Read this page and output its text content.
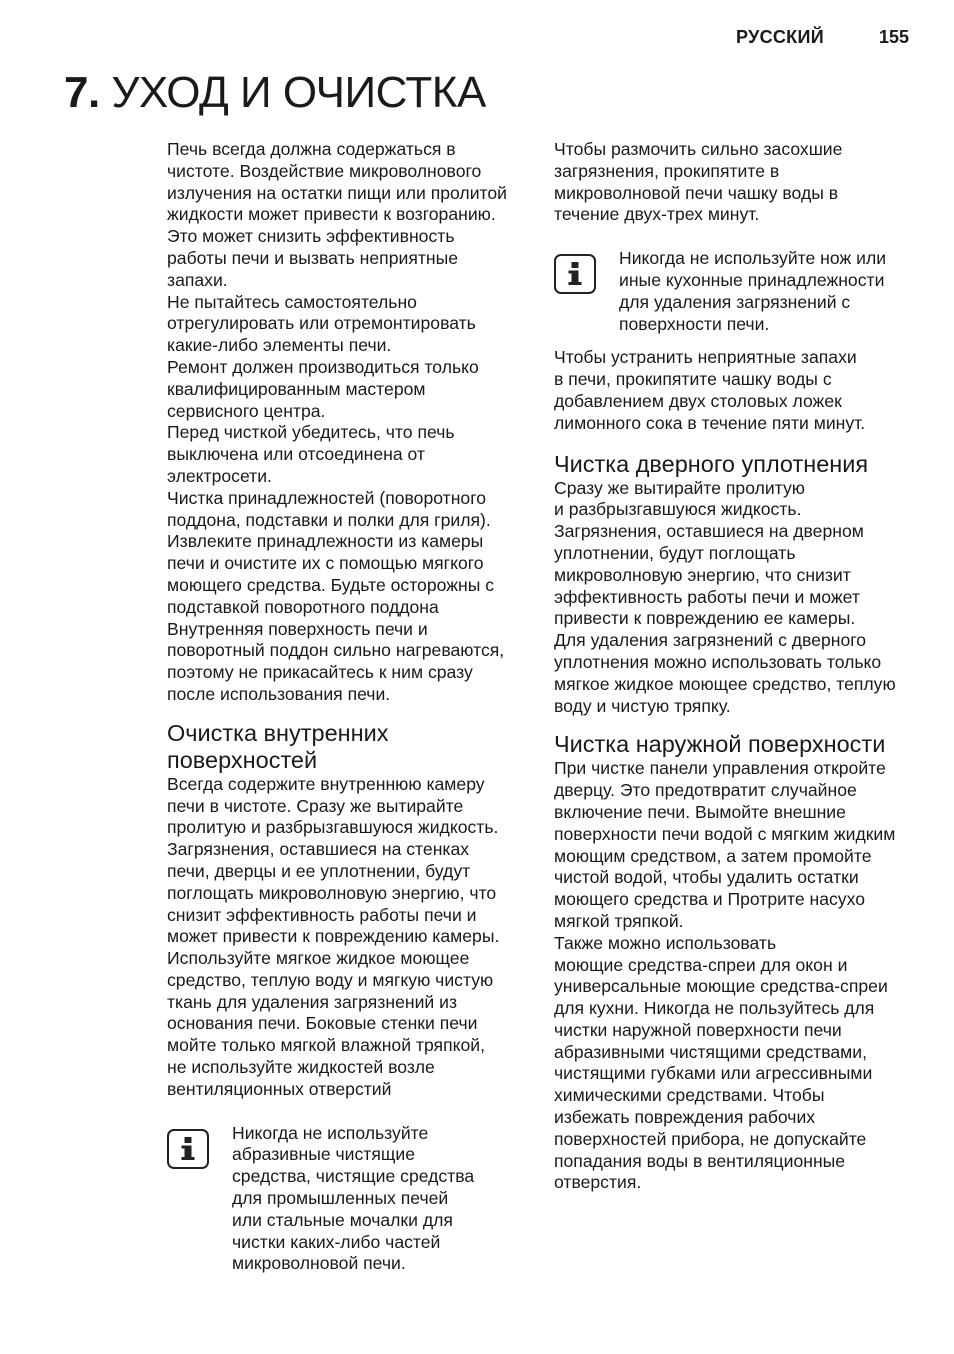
РУССКИЙ	155
7. УХОД И ОЧИСТКА
Печь всегда должна содержаться в
чистоте. Воздействие микроволнового
излучения на остатки пищи или пролитой
жидкости может привести к возгоранию.
Это может снизить эффективность
работы печи и вызвать неприятные
запахи.
Не пытайтесь самостоятельно
отрегулировать или отремонтировать
какие-либо элементы печи.
Ремонт должен производиться только
квалифицированным мастером
сервисного центра.
Перед чисткой убедитесь, что печь
выключена или отсоединена от
электросети.
Чистка принадлежностей (поворотного
поддона, подставки и полки для гриля).
Извлеките принадлежности из камеры
печи и очистите их с помощью мягкого
моющего средства. Будьте осторожны с
подставкой поворотного поддона
Внутренняя поверхность печи и
поворотный поддон сильно нагреваются,
поэтому не прикасайтесь к ним сразу
после использования печи.
Очистка внутренних
поверхностей
Всегда содержите внутреннюю камеру
печи в чистоте. Сразу же вытирайте
пролитую и разбрызгавшуюся жидкость.
Загрязнения, оставшиеся на стенках
печи, дверцы и ее уплотнении, будут
поглощать микроволновую энергию, что
снизит эффективность работы печи и
может привести к повреждению камеры.
Используйте мягкое жидкое моющее
средство, теплую воду и мягкую чистую
ткань для удаления загрязнений из
основания печи. Боковые стенки печи
мойте только мягкой влажной тряпкой,
не используйте жидкостей возле
вентиляционных отверстий
Никогда не используйте
абразивные чистящие
средства, чистящие средства
для промышленных печей
или стальные мочалки для
чистки каких-либо частей
микроволновой печи.
Чтобы размочить сильно засохшие
загрязнения, прокипятите в
микроволновой печи чашку воды в
течение двух-трех минут.
Никогда не используйте нож или
иные кухонные принадлежности
для удаления загрязнений с
поверхности печи.
Чтобы устранить неприятные запахи
в печи, прокипятите чашку воды с
добавлением двух столовых ложек
лимонного сока в течение пяти минут.
Чистка дверного уплотнения
Сразу же вытирайте пролитую
и разбрызгавшуюся жидкость.
Загрязнения, оставшиеся на дверном
уплотнении, будут поглощать
микроволновую энергию, что снизит
эффективность работы печи и может
привести к повреждению ее камеры.
Для удаления загрязнений с дверного
уплотнения можно использовать только
мягкое жидкое моющее средство, теплую
воду и чистую тряпку.
Чистка наружной поверхности
При чистке панели управления откройте
дверцу. Это предотвратит случайное
включение печи. Вымойте внешние
поверхности печи водой с мягким жидким
моющим средством, а затем промойте
чистой водой, чтобы удалить остатки
моющего средства и Протрите насухо
мягкой тряпкой.
Также можно использовать
моющие средства-спреи для окон и
универсальные моющие средства-спреи
для кухни. Никогда не пользуйтесь для
чистки наружной поверхности печи
абразивными чистящими средствами,
чистящими губками или агрессивными
химическими средствами. Чтобы
избежать повреждения рабочих
поверхностей прибора, не допускайте
попадания воды в вентиляционные
отверстия.
